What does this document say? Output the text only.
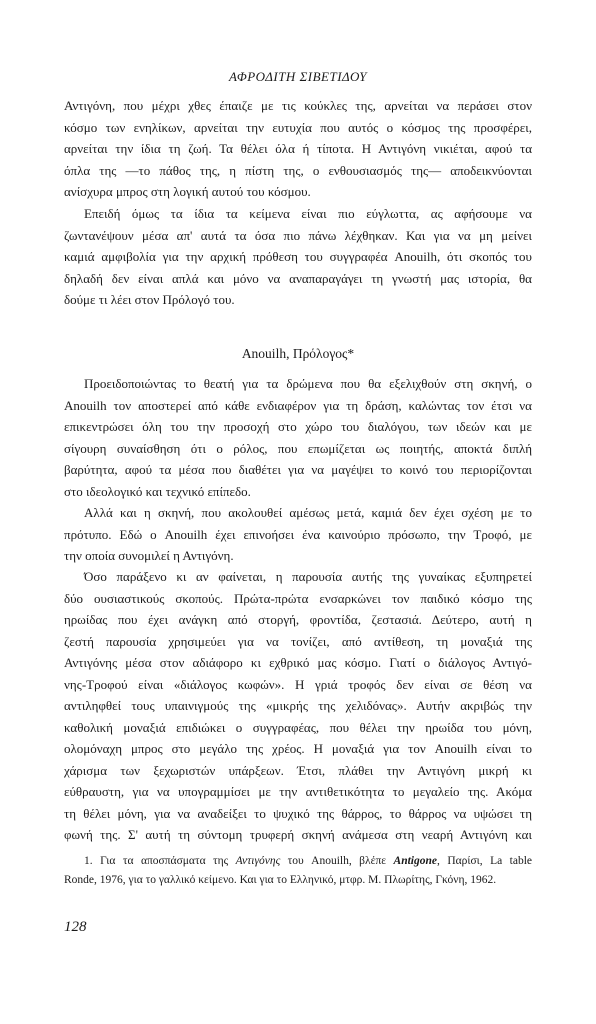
ΑΦΡΟΔΙΤΗ ΣΙΒΕΤΙΔΟΥ
Αντιγόνη, που μέχρι χθες έπαιζε με τις κούκλες της, αρνείται να περάσει στον
κόσμο των ενηλίκων, αρνείται την ευτυχία που αυτός ο κόσμος της προσφέρει,
αρνείται την ίδια τη ζωή. Τα θέλει όλα ή τίποτα. Η Αντιγόνη νικιέται, αφού τα
όπλα της —το πάθος της, η πίστη της, ο ενθουσιασμός της— αποδεικνύονται
ανίσχυρα μπρος στη λογική αυτού του κόσμου.
Επειδή όμως τα ίδια τα κείμενα είναι πιο εύγλωττα, ας αφήσουμε να
ζωντανέψουν μέσα απ' αυτά τα όσα πιο πάνω λέχθηκαν. Και για να μη μείνει
καμιά αμφιβολία για την αρχική πρόθεση του συγγραφέα Anouilh, ότι σκοπός του
δηλαδή δεν είναι απλά και μόνο να αναπαραγάγει τη γνωστή μας ιστορία, θα
δούμε τι λέει στον Πρόλογό του.
Anouilh, Πρόλογος*
Προειδοποιώντας το θεατή για τα δρώμενα που θα εξελιχθούν στη σκηνή, ο
Anouilh τον αποστερεί από κάθε ενδιαφέρον για τη δράση, καλώντας τον έτσι να
επικεντρώσει όλη του την προσοχή στο χώρο του διαλόγου, των ιδεών και με
σίγουρη συναίσθηση ότι ο ρόλος, που επωμίζεται ως ποιητής, αποκτά διπλή
βαρύτητα, αφού τα μέσα που διαθέτει για να μαγέψει το κοινό του περιορίζονται
στο ιδεολογικό και τεχνικό επίπεδο.
Αλλά και η σκηνή, που ακολουθεί αμέσως μετά, καμιά δεν έχει σχέση με το
πρότυπο. Εδώ ο Anouilh έχει επινοήσει ένα καινούριο πρόσωπο, την Τροφό, με
την οποία συνομιλεί η Αντιγόνη.
Όσο παράξενο κι αν φαίνεται, η παρουσία αυτής της γυναίκας εξυπηρετεί
δύο ουσιαστικούς σκοπούς. Πρώτα-πρώτα ενσαρκώνει τον παιδικό κόσμο της
ηρωίδας που έχει ανάγκη από στοργή, φροντίδα, ζεστασιά. Δεύτερο, αυτή η
ζεστή παρουσία χρησιμεύει για να τονίζει, από αντίθεση, τη μοναξιά της
Αντιγόνης μέσα στον αδιάφορο κι εχθρικό μας κόσμο. Γιατί ο διάλογος Αντιγό-
νης-Τροφού είναι «διάλογος κωφών». Η γριά τροφός δεν είναι σε θέση να
αντιληφθεί τους υπαινιγμούς της «μικρής της χελιδόνας». Αυτήν ακριβώς την
καθολική μοναξιά επιδιώκει ο συγγραφέας, που θέλει την ηρωίδα του μόνη,
ολομόναχη μπρος στο μεγάλο της χρέος. Η μοναξιά για τον Anouilh είναι το
χάρισμα των ξεχωριστών υπάρξεων. Έτσι, πλάθει την Αντιγόνη μικρή κι
εύθραυστη, για να υπογραμμίσει με την αντιθετικότητα το μεγαλείο της. Ακόμα
τη θέλει μόνη, για να αναδείξει το ψυχικό της θάρρος, το θάρρος να υψώσει τη
φωνή της. Σ' αυτή τη σύντομη τρυφερή σκηνή ανάμεσα στη νεαρή Αντιγόνη και
1. Για τα αποσπάσματα της Αντιγόνης του Anouilh, βλέπε Antigone, Παρίσι, La table
Ronde, 1976, για το γαλλικό κείμενο. Και για το Ελληνικό, μτφρ. Μ. Πλωρίτης, Γκόνη, 1962.
128
